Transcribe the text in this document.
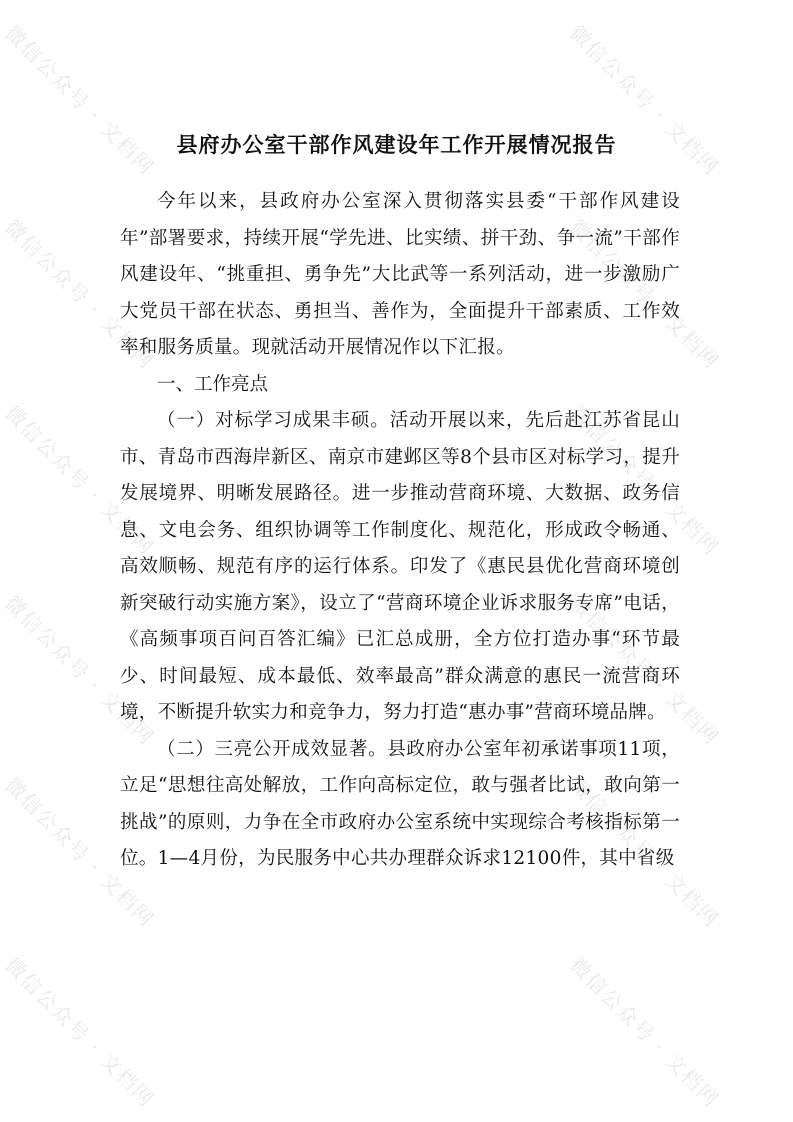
微信公众号 · 文档网	微信公众号 · 文档网
微信公众号 · 文档网	微信公众号 · 文档网
微信公众号 · 文档网	微信公众号 · 文档网
微信公众号 · 文档网	微信公众号 · 文档网
微信公众号 · 文档网	微信公众号 · 文档网
微信公众号 · 文档网	微信公众号 · 文档网
县府办公室干部作风建设年工作开展情况报告

今年以来，县政府办公室深入贯彻落实县委“干部作风建设年”部署要求，持续开展“学先进、比实绩、拼干劲、争一流”干部作风建设年、“挑重担、勇争先”大比武等一系列活动，进一步激励广大党员干部在状态、勇担当、善作为，全面提升干部素质、工作效率和服务质量。现就活动开展情况作以下汇报。

一、工作亮点

（一）对标学习成果丰硕。活动开展以来，先后赴江苏省昆山市、青岛市西海岸新区、南京市建邺区等8个县市区对标学习，提升发展境界、明晰发展路径。进一步推动营商环境、大数据、政务信息、文电会务、组织协调等工作制度化、规范化，形成政令畅通、高效顺畅、规范有序的运行体系。印发了《惠民县优化营商环境创新突破行动实施方案》，设立了“营商环境企业诉求服务专席”电话，《高频事项百问百答汇编》已汇总成册，全方位打造办事“环节最少、时间最短、成本最低、效率最高”群众满意的惠民一流营商环境，不断提升软实力和竞争力，努力打造“惠办事”营商环境品牌。

（二）三亮公开成效显著。县政府办公室年初承诺事项11项，立足“思想往高处解放，工作向高标定位，敢与强者比试，敢向第一挑战”的原则，力争在全市政府办公室系统中实现综合考核指标第一位。1—4月份，为民服务中心共办理群众诉求12100件，其中省级
